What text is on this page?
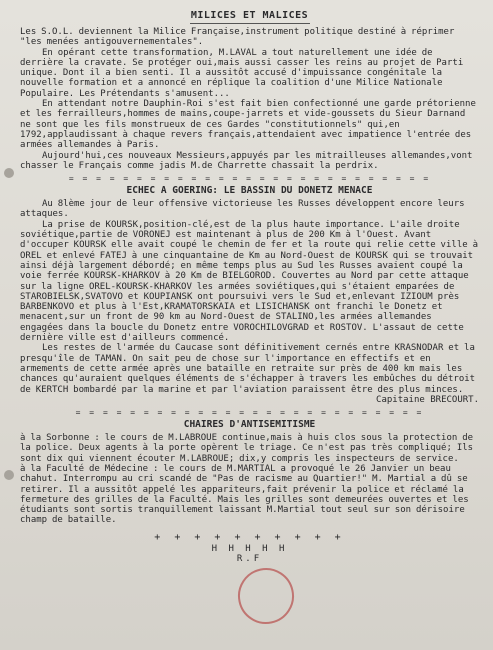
MILICES ET MALICES

Les S.O.L. deviennent la Milice Française,instrument politique destiné à réprimer "les menées antigouvernementales".

En opérant cette transformation, M.LAVAL a tout naturellement une idée de derrière la cravate. Se protéger oui,mais aussi casser les reins au projet de Parti unique. Dont il a bien senti. Il a aussitôt accusé d'impuissance congénitale la nouvelle formation et a annoncé en réplique la coalition d'une Milice Nationale Populaire. Les Prétendants s'amusent...

En attendant notre Dauphin-Roi s'est fait bien confectionné une garde prétorienne et les ferrailleurs,hommes de mains,coupe-jarrets et vide-goussets du Sieur Darnand ne sont que les fils monstrueux de ces Gardes "constitutionnels" qui,en 1792,applaudissant à chaque revers français,attendaient avec impatience l'entrée des armées allemandes à Paris.

Aujourd'hui,ces nouveaux Messieurs,appuyés par les mitrailleuses allemandes,vont chasser le Français comme jadis M.de Charrette chassait la perdrix.

= = = = = = = = = = = = = = = = = = = = = = = = = = =
ECHEC A GOERING: LE BASSIN DU DONETZ MENACE

Au 8lème jour de leur offensive victorieuse les Russes développent encore leurs attaques.

La prise de KOURSK,position-clé,est de la plus haute importance. L'aile droite soviétique,partie de VORONEJ est maintenant à plus de 200 Km à l'Ouest. Avant d'occuper KOURSK elle avait coupé le chemin de fer et la route qui relie cette ville à OREL et enlevé FATEJ à une cinquantaine de Km au Nord-Ouest de KOURSK qui se trouvait ainsi déjà largement débordé; en même temps plus au Sud les Russes avaient coupé la voie ferrée KOURSK-KHARKOV à 20 Km de BIELGOROD. Couvertes au Nord par cette attaque sur la ligne OREL-KOURSK-KHARKOV les armées soviétiques,qui s'étaient emparées de STAROBIELSK,SVATOVO et KOUPIANSK ont poursuivi vers le Sud et,enlevant IZIOUM près BARBENKOVO et plus à l'Est,KRAMATORSKAIA et LISICHANSK ont franchi le Donetz et menacent,sur un front de 90 km au Nord-Ouest de STALINO,les armées allemandes engagées dans la boucle du Donetz entre VOROCHILOVGRAD et ROSTOV. L'assaut de cette dernière ville est d'ailleurs commencé.

Les restes de l'armée du Caucase sont définitivement cernés entre KRASNODAR et la presqu'île de TAMAN. On sait peu de chose sur l'importance en effectifs et en armements de cette armée après une bataille en retraite sur près de 400 km mais les chances qu'auraient quelques éléments de s'échapper à travers les embûches du détroit de KERTCH bombardé par la marine et par l'aviation paraissent être des plus minces.

Capitaine BRECOURT.

= = = = = = = = = = = = = = = = = = = = = = = = = =
CHAIRES D'ANTISEMITISME

à la Sorbonne : le cours de M.LABROUE continue,mais à huis clos sous la protection de la police. Deux agents à la porte opèrent le triage. Ce n'est pas très compliqué; Ils sont dix qui viennent écouter M.LABROUE; dix,y compris les inspecteurs de service.

à la Faculté de Médecine : le cours de M.MARTIAL a provoqué le 26 Janvier un beau chahut. Interrompu au cri scandé de "Pas de racisme au Quartier!" M. Martial a dû se retirer. Il a aussitôt appelé les appariteurs,fait prévenir la police et réclamé la fermeture des grilles de la Faculté. Mais les grilles sont demeurées ouvertes et les étudiants sont sortis tranquillement laissant M.Martial tout seul sur son dérisoire champ de bataille.

+ + + + + + + + + +
H H H H H
R.F
